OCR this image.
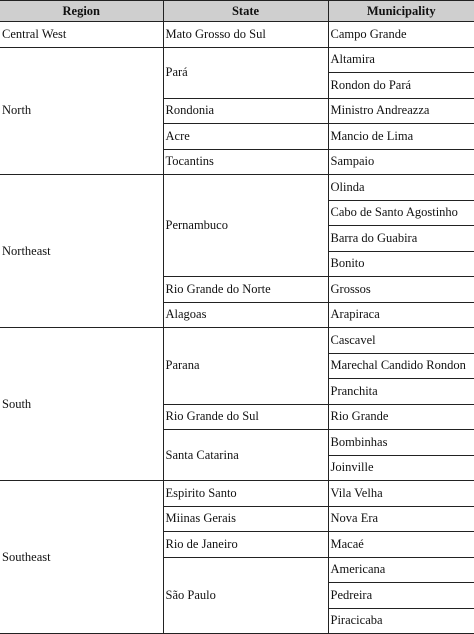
Region	State	Municipality
Central West	Mato Grosso do Sul	Campo Grande
North	Pará	Altamira
		Rondon do Pará
	Rondonia	Ministro Andreazza
	Acre	Mancio de Lima
	Tocantins	Sampaio
Northeast	Pernambuco	Olinda
		Cabo de Santo Agostinho
		Barra do Guabira
		Bonito
	Rio Grande do Norte	Grossos
	Alagoas	Arapiraca
South	Parana	Cascavel
		Marechal Candido Rondon
		Pranchita
	Rio Grande do Sul	Rio Grande
	Santa Catarina	Bombinhas
		Joinville
Southeast	Espirito Santo	Vila Velha
	Miinas Gerais	Nova Era
	Rio de Janeiro	Macaé
	São Paulo	Americana
		Pedreira
		Piracicaba
